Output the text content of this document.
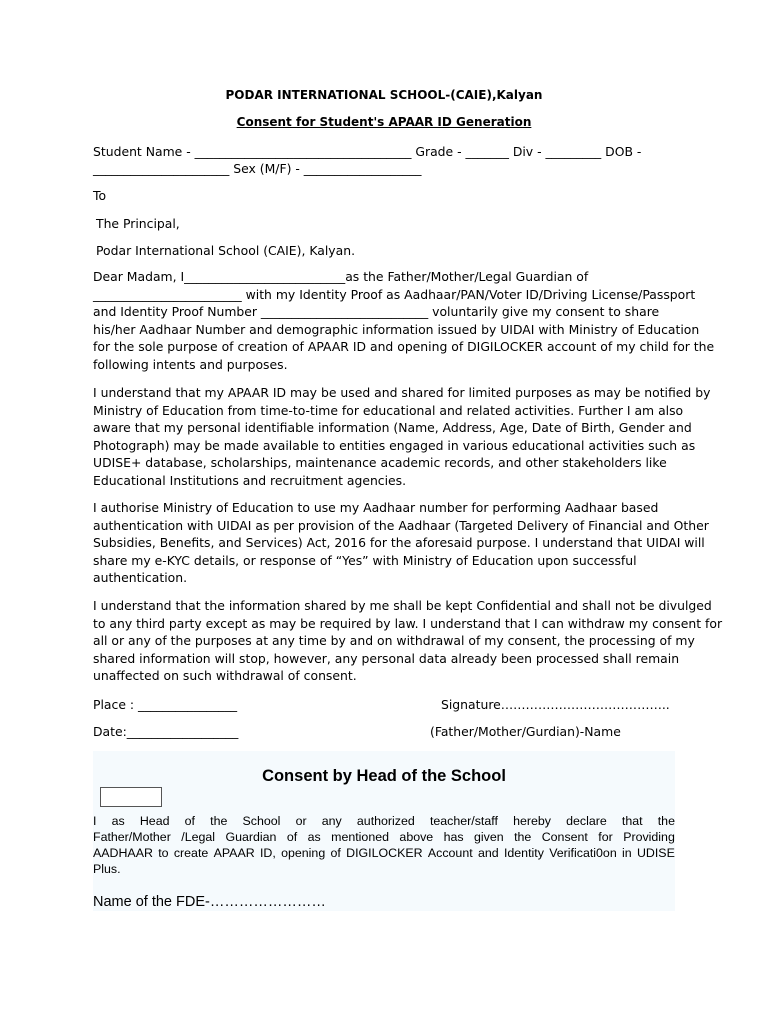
PODAR INTERNATIONAL SCHOOL-(CAIE),Kalyan
Consent for Student's APAAR ID Generation
Student Name - ___________________________________ Grade - _______ Div - _________ DOB -
______________________ Sex (M/F) - ___________________
To
The Principal,
Podar International School (CAIE), Kalyan.
Dear Madam, I__________________________as the Father/Mother/Legal Guardian of
________________________ with my Identity Proof as Aadhaar/PAN/Voter ID/Driving License/Passport
and Identity Proof Number ___________________________ voluntarily give my consent to share
his/her Aadhaar Number and demographic information issued by UIDAI with Ministry of Education
for the sole purpose of creation of APAAR ID and opening of DIGILOCKER account of my child for the
following intents and purposes.
I understand that my APAAR ID may be used and shared for limited purposes as may be notified by
Ministry of Education from time-to-time for educational and related activities. Further I am also
aware that my personal identifiable information (Name, Address, Age, Date of Birth, Gender and
Photograph) may be made available to entities engaged in various educational activities such as
UDISE+ database, scholarships, maintenance academic records, and other stakeholders like
Educational Institutions and recruitment agencies.
I authorise Ministry of Education to use my Aadhaar number for performing Aadhaar based
authentication with UIDAI as per provision of the Aadhaar (Targeted Delivery of Financial and Other
Subsidies, Benefits, and Services) Act, 2016 for the aforesaid purpose. I understand that UIDAI will
share my e-KYC details, or response of “Yes” with Ministry of Education upon successful
authentication.
I understand that the information shared by me shall be kept Confidential and shall not be divulged
to any third party except as may be required by law. I understand that I can withdraw my consent for
all or any of the purposes at any time by and on withdrawal of my consent, the processing of my
shared information will stop, however, any personal data already been processed shall remain
unaffected on such withdrawal of consent.
Place : ________________	Signature…………………………………..
Date:__________________	(Father/Mother/Gurdian)-Name
Consent by Head of the School
I as Head of the School or any authorized teacher/staff hereby declare that the
Father/Mother /Legal Guardian of as mentioned above has given the Consent for Providing
AADHAAR to create APAAR ID, opening of DIGILOCKER Account and Identity Verificati0on in UDISE
Plus.
Name of the FDE-……………………
